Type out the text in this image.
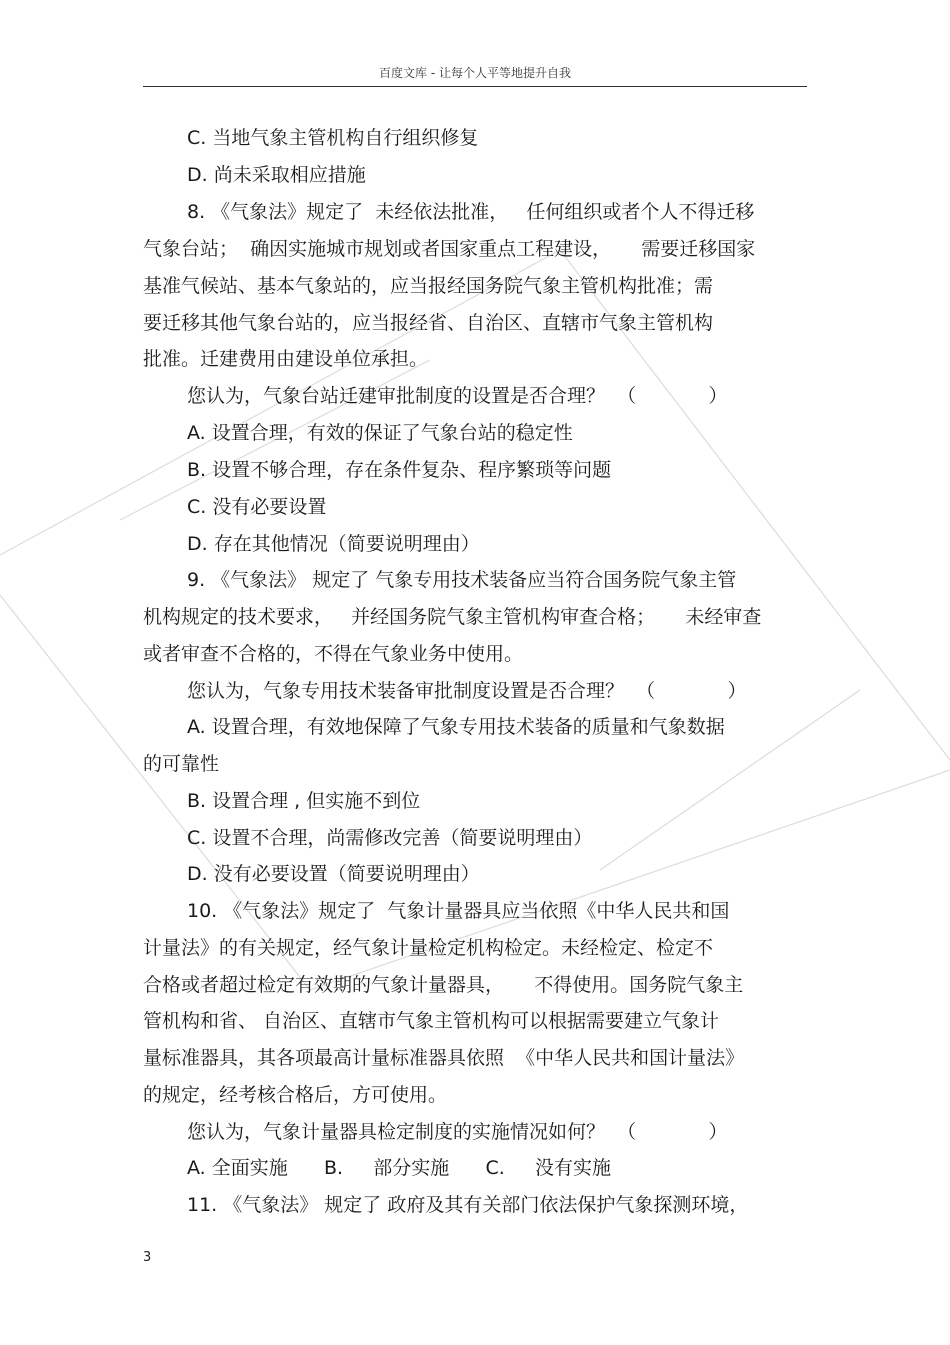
百度文库 - 让每个人平等地提升自我
C. 当地气象主管机构自行组织修复
D. 尚未采取相应措施
8. 《气象法》规定了  未经依法批准，   任何组织或者个人不得迁移
气象台站；  确因实施城市规划或者国家重点工程建设，     需要迁移国家
基准气候站、基本气象站的，应当报经国务院气象主管机构批准；需
要迁移其他气象台站的，应当报经省、自治区、直辖市气象主管机构
批准。迁建费用由建设单位承担。
您认为，气象台站迁建审批制度的设置是否合理？  （            ）
A. 设置合理，有效的保证了气象台站的稳定性
B. 设置不够合理，存在条件复杂、程序繁琐等问题
C. 没有必要设置
D. 存在其他情况（简要说明理由）
9. 《气象法》 规定了 气象专用技术装备应当符合国务院气象主管
机构规定的技术要求，   并经国务院气象主管机构审查合格；     未经审查
或者审查不合格的，不得在气象业务中使用。
您认为，气象专用技术装备审批制度设置是否合理？  （            ）
A. 设置合理，有效地保障了气象专用技术装备的质量和气象数据
的可靠性
B. 设置合理 , 但实施不到位
C. 设置不合理，尚需修改完善（简要说明理由）
D. 没有必要设置（简要说明理由）
10. 《气象法》规定了  气象计量器具应当依照《中华人民共和国
计量法》的有关规定，经气象计量检定机构检定。未经检定、检定不
合格或者超过检定有效期的气象计量器具，     不得使用。国务院气象主
管机构和省、 自治区、直辖市气象主管机构可以根据需要建立气象计
量标准器具，其各项最高计量标准器具依照  《中华人民共和国计量法》
的规定，经考核合格后，方可使用。
您认为，气象计量器具检定制度的实施情况如何？  （            ）
A. 全面实施      B.     部分实施      C.     没有实施
11. 《气象法》 规定了 政府及其有关部门依法保护气象探测环境，
3
